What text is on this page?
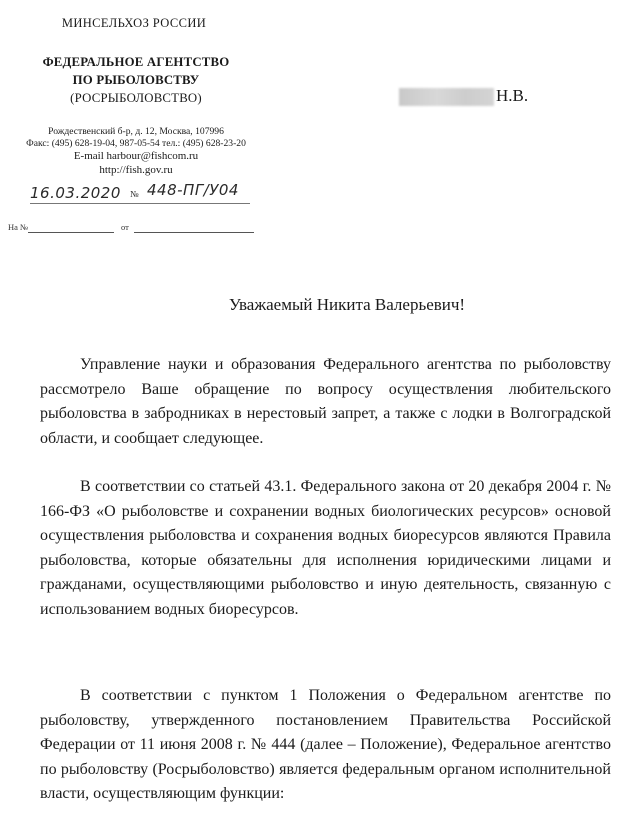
МИНСЕЛЬХОЗ РОССИИ
ФЕДЕРАЛЬНОЕ АГЕНТСТВО
ПО РЫБОЛОВСТВУ
(РОСРЫБОЛОВСТВО)
Рождественский б-р, д. 12, Москва, 107996
Факс: (495) 628-19-04, 987-05-54 тел.: (495) 628-23-20
E-mail harbour@fishcom.ru
http://fish.gov.ru
16.03.2020 № 448-ПГ/У04
На №	от
Н.В.
Уважаемый Никита Валерьевич!

Управление науки и образования Федерального агентства по рыболовству рассмотрело Ваше обращение по вопросу осуществления любительского рыболовства в забродниках в нерестовый запрет, а также с лодки в Волгоградской области, и сообщает следующее.

В соответствии со статьей 43.1. Федерального закона от 20 декабря 2004 г. № 166-ФЗ «О рыболовстве и сохранении водных биологических ресурсов» основой осуществления рыболовства и сохранения водных биоресурсов являются Правила рыболовства, которые обязательны для исполнения юридическими лицами и гражданами, осуществляющими рыболовство и иную деятельность, связанную с использованием водных биоресурсов.

В соответствии с пунктом 1 Положения о Федеральном агентстве по рыболовству, утвержденного постановлением Правительства Российской Федерации от 11 июня 2008 г. № 444 (далее – Положение), Федеральное агентство по рыболовству (Росрыболовство) является федеральным органом исполнительной власти, осуществляющим функции:
